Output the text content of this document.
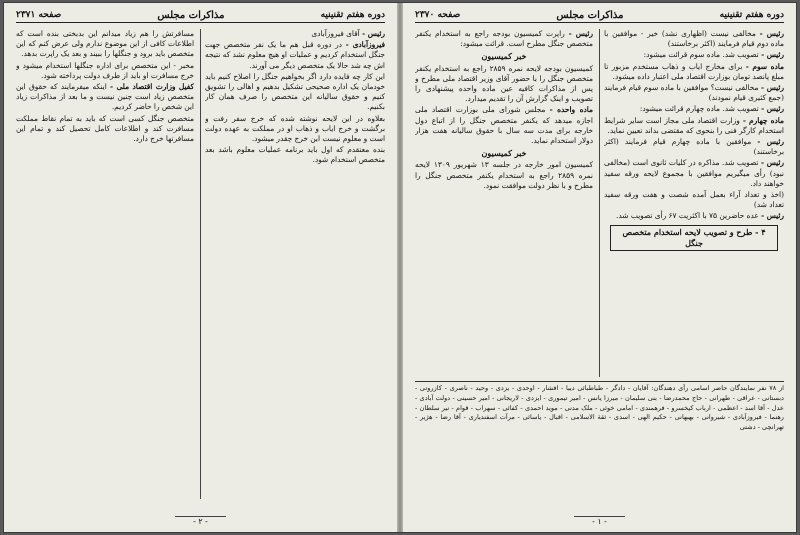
دوره هفتم تقنینیه
مذاکرات مجلس
صفحه ۲۳۷۱
رئیس - آقای فیروزآبادی
فیروزآبادی - در دوره قبل هم ما یک نفر متخصص جهت جنگل استخدام کردیم و عملیات او هیچ معلوم نشد که نتیجه اش چه شد حالا یک متخصص دیگر می آورند.
این کار چه فایده دارد اگر بخواهیم جنگل را اصلاح کنیم باید خودمان یک اداره صحیحی تشکیل بدهیم و اهالی را تشویق کنیم و حقوق سالیانه این متخصص را صرف همان کار بکنیم.
بعلاوه در این لایحه نوشته شده که خرج سفر رفت و برگشت و خرج ایاب و ذهاب او در مملکت به عهده دولت است و معلوم نیست این خرج چقدر میشود.
بنده معتقدم که اول باید برنامه عملیات معلوم باشد بعد متخصص استخدام شود.
مسافرتش را هم زیاد میدانم این بدبختی بنده است که اطلاعات کافی از این موضوع ندارم ولی عرض کنم که این متخصص باید برود و جنگلها را ببیند و بعد یک راپرت بدهد.
مخبر - این متخصص برای اداره جنگلها استخدام میشود و خرج مسافرت او باید از طرف دولت پرداخته شود.
کفیل وزارت اقتصاد ملی - اینکه میفرمایند که حقوق این متخصص زیاد است چنین نیست و ما بعد از مذاکرات زیاد این شخص را حاضر کردیم.
متخصص جنگل کسی است که باید به تمام نقاط مملکت مسافرت کند و اطلاعات کامل تحصیل کند و تمام این مسافرتها خرج دارد.
- ۲ -
دوره هفتم تقنینیه
مذاکرات مجلس
صفحه ۲۳۷۰
رئیس - مخالفی نیست (اظهاری نشد) خیر - موافقین با ماده دوم قیام فرمایند (اکثر برخاستند)
رئیس - تصویب شد. ماده سوم قرائت میشود:
ماده سوم - برای مخارج ایاب و ذهاب مستخدم مزبور تا مبلغ پانصد تومان بوزارت اقتصاد ملی اعتبار داده میشود.
رئیس - مخالفی نیست؟ موافقین با ماده سوم قیام فرمایند (جمع کثیری قیام نمودند)
رئیس - تصویب شد. ماده چهارم قرائت میشود:
ماده چهارم - وزارت اقتصاد ملی مجاز است سایر شرایط استخدام کارگر فنی را بنحوی که مقتضی بداند تعیین نماید.
رئیس - موافقین با ماده چهارم قیام فرمایند (اکثر برخاستند)
رئیس - تصویب شد. مذاکره در کلیات ثانوی است (مخالفی نبود) رأی میگیریم موافقین با مجموع لایحه ورقه سفید خواهند داد.
(اخذ و تعداد آراء بعمل آمده شصت و هفت ورقه سفید تعداد شد)
رئیس - عده حاضرین ۷۵ با اکثریت ۶۷ رأی تصویب شد.
۴ - طرح و تصویب لایحه استخدام متخصص جنگل
رئیس - راپرت کمیسیون بودجه راجع به استخدام یکنفر متخصص جنگل مطرح است. قرائت میشود:
خبر کمیسیون
کمیسیون بودجه لایحه نمره ۲۸۵۹ راجع به استخدام یکنفر متخصص جنگل را با حضور آقای وزیر اقتصاد ملی مطرح و پس از مذاکرات کافیه عین ماده واحده پیشنهادی را تصویب و اینک گزارش آن را تقدیم میدارد.
ماده واحده - مجلس شورای ملی بوزارت اقتصاد ملی اجازه میدهد که یکنفر متخصص جنگل را از اتباع دول خارجه برای مدت سه سال با حقوق سالیانه هفت هزار دولار استخدام نماید.
خبر کمیسیون
کمیسیون امور خارجه در جلسه ۱۳ شهریور ۱۳۰۹ لایحه نمره ۲۸۵۹ راجع به استخدام یکنفر متخصص جنگل را مطرح و با نظر دولت موافقت نمود.
از ۷۸ نفر نمایندگان حاضر اسامی رأی دهندگان: آقایان - دادگر - طباطبائی دیبا - افشار - اوحدی - یزدی - وحید - ناصری - کازرونی - دبستانی - عراقی - طهرانی - حاج محمدرضا - بنی سلیمان - میرزا یانس - امیر تیموری - ایزدی - لاریجانی - امیر حسینی - دولت آبادی - عدل - آقا اسد - اعظمی - ارباب کیخسرو - فرهمندی - امامی خوئی - ملک مدنی - موید احمدی - کفائی - سهراب - قوام - نیر سلطان - رهنما - فیروزآبادی - شیروانی - بهبهانی - حکیم الهی - اسدی - ثقة الاسلامی - اقبال - یاسائی - مرآت اسفندیاری - آقا رضا - هژیر - تهرانچی - دشتی
- ۱ -
